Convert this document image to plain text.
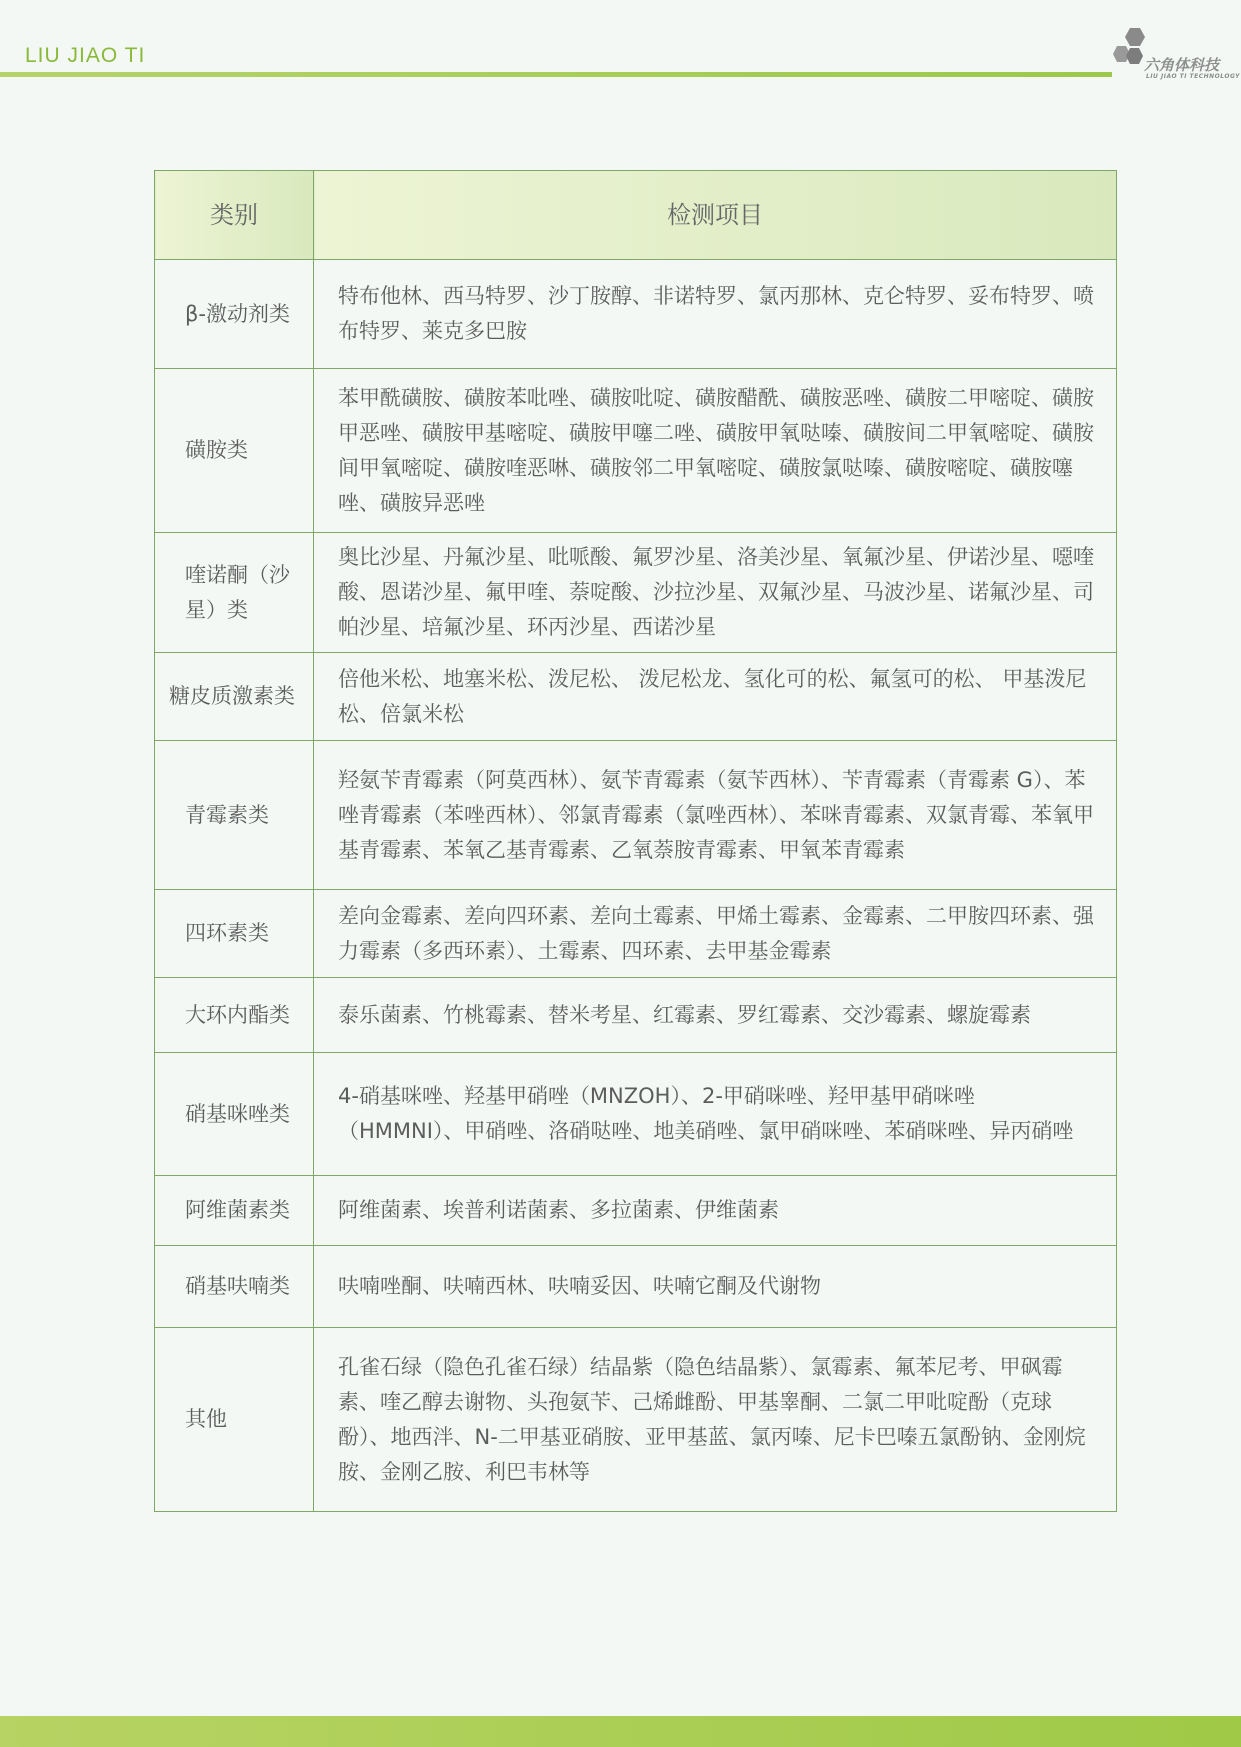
LIU JIAO TI	六角体科技
LIU JIAO TI TECHNOLOGY
类别	检测项目
β-激动剂类	特布他林、西马特罗、沙丁胺醇、非诺特罗、氯丙那林、克仑特罗、妥布特罗、喷布特罗、莱克多巴胺
磺胺类	苯甲酰磺胺、磺胺苯吡唑、磺胺吡啶、磺胺醋酰、磺胺恶唑、磺胺二甲嘧啶、磺胺甲恶唑、磺胺甲基嘧啶、磺胺甲噻二唑、磺胺甲氧哒嗪、磺胺间二甲氧嘧啶、磺胺间甲氧嘧啶、磺胺喹恶啉、磺胺邻二甲氧嘧啶、磺胺氯哒嗪、磺胺嘧啶、磺胺噻唑、磺胺异恶唑
喹诺酮（沙星）类	奥比沙星、丹氟沙星、吡哌酸、氟罗沙星、洛美沙星、氧氟沙星、伊诺沙星、噁喹酸、恩诺沙星、氟甲喹、萘啶酸、沙拉沙星、双氟沙星、马波沙星、诺氟沙星、司帕沙星、培氟沙星、环丙沙星、西诺沙星
糖皮质激素类	倍他米松、地塞米松、泼尼松、 泼尼松龙、氢化可的松、氟氢可的松、 甲基泼尼松、倍氯米松
青霉素类	羟氨苄青霉素（阿莫西林）、氨苄青霉素（氨苄西林）、苄青霉素（青霉素 G）、苯唑青霉素（苯唑西林）、邻氯青霉素（氯唑西林）、苯咪青霉素、双氯青霉、苯氧甲基青霉素、苯氧乙基青霉素、乙氧萘胺青霉素、甲氧苯青霉素
四环素类	差向金霉素、差向四环素、差向土霉素、甲烯土霉素、金霉素、二甲胺四环素、强力霉素（多西环素）、土霉素、四环素、去甲基金霉素
大环内酯类	泰乐菌素、竹桃霉素、替米考星、红霉素、罗红霉素、交沙霉素、螺旋霉素
硝基咪唑类	4-硝基咪唑、羟基甲硝唑（MNZOH）、2-甲硝咪唑、羟甲基甲硝咪唑（HMMNI）、甲硝唑、洛硝哒唑、地美硝唑、氯甲硝咪唑、苯硝咪唑、异丙硝唑
阿维菌素类	阿维菌素、埃普利诺菌素、多拉菌素、伊维菌素
硝基呋喃类	呋喃唑酮、呋喃西林、呋喃妥因、呋喃它酮及代谢物
其他	孔雀石绿（隐色孔雀石绿）结晶紫（隐色结晶紫）、氯霉素、氟苯尼考、甲砜霉素、喹乙醇去谢物、头孢氨苄、己烯雌酚、甲基睾酮、二氯二甲吡啶酚（克球酚）、地西泮、N-二甲基亚硝胺、亚甲基蓝、氯丙嗪、尼卡巴嗪五氯酚钠、金刚烷胺、金刚乙胺、利巴韦林等
